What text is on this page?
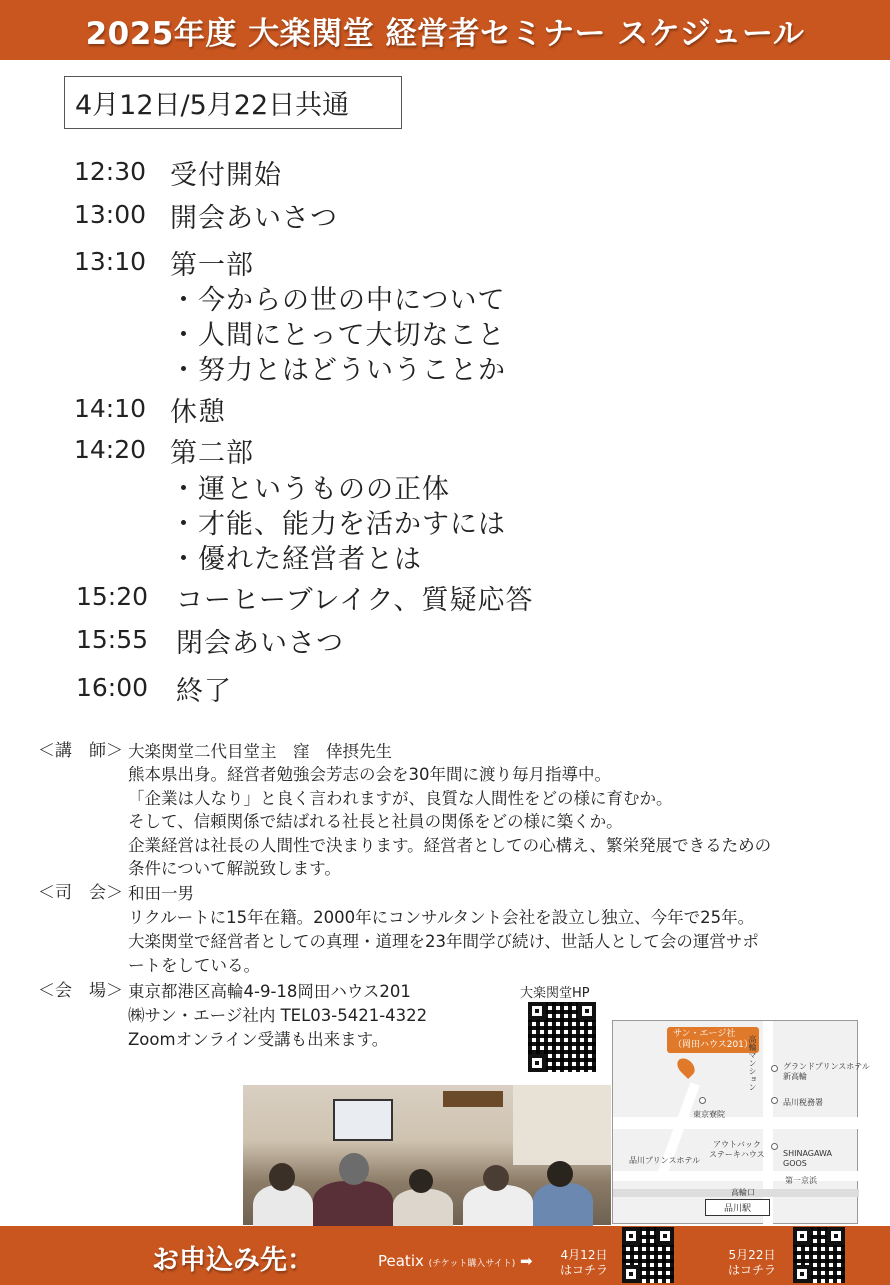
2025年度 大楽関堂 経営者セミナー スケジュール
4月12日/5月22日共通
12:30 受付開始
13:00 開会あいさつ
13:10 第一部
・今からの世の中について
・人間にとって大切なこと
・努力とはどういうことか
14:10 休憩
14:20 第二部
・運というものの正体
・才能、能力を活かすには
・優れた経営者とは
15:20 コーヒーブレイク、質疑応答
15:55 閉会あいさつ
16:00 終了
＜講　師＞ 大楽関堂二代目堂主　窪　倖摂先生
熊本県出身。経営者勉強会芳志の会を30年間に渡り毎月指導中。
「企業は人なり」と良く言われますが、良質な人間性をどの様に育むか。
そして、信頼関係で結ばれる社長と社員の関係をどの様に築くか。
企業経営は社長の人間性で決まります。経営者としての心構え、繁栄発展できるための
条件について解説致します。
＜司　会＞ 和田一男
リクルートに15年在籍。2000年にコンサルタント会社を設立し独立、今年で25年。
大楽関堂で経営者としての真理・道理を23年間学び続け、世話人として会の運営サポ
ートをしている。
＜会　場＞ 東京都港区高輪4-9-18岡田ハウス201
㈱サン・エージ社内 TEL03-5421-4322
Zoomオンライン受講も出来ます。
大楽関堂HP
サン・エージ社
（岡田ハウス201）
高輪マンション	グランドプリンスホテル
新高輪
品川税務署
東京寮院
アウトバック
ステーキハウス
品川プリンスホテル
SHINAGAWA
GOOS
高輪口
第一京浜
品川駅
お申込み先：	Peatix (チケット購入サイト) ➡ 4月12日
はコチラ
5月22日
はコチラ
